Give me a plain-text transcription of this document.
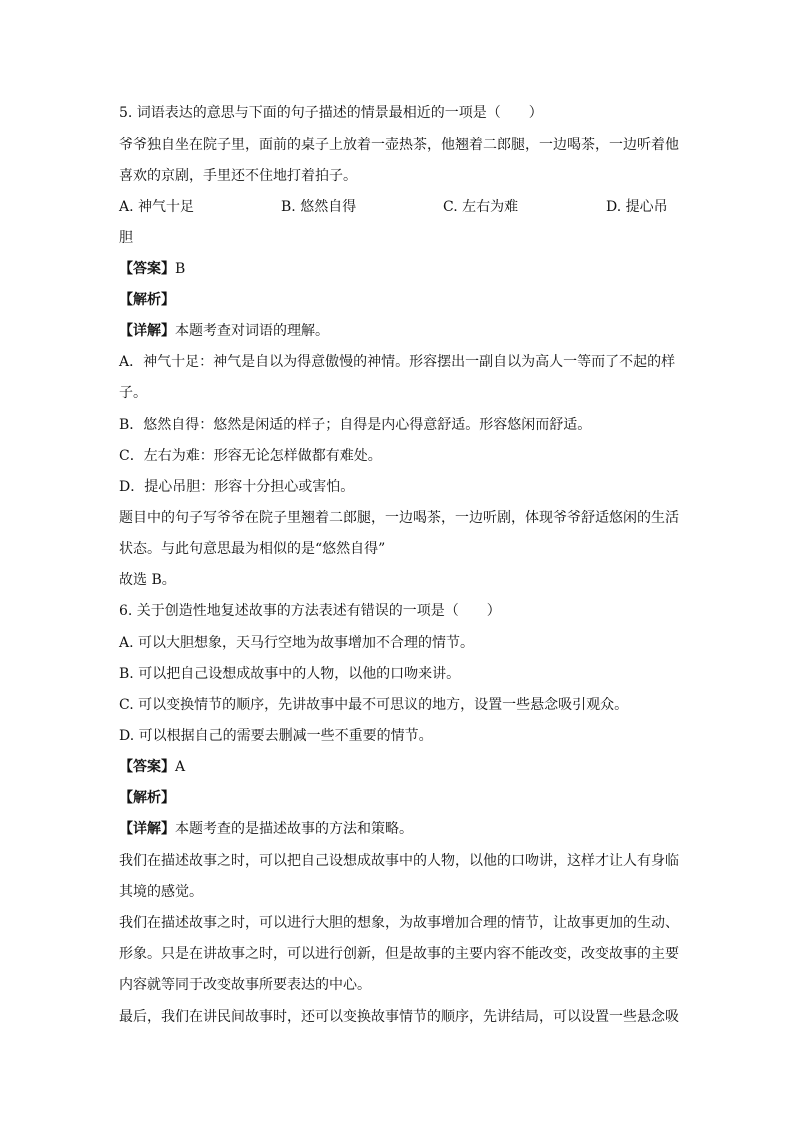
5. 词语表达的意思与下面的句子描述的情景最相近的一项是（　　）
爷爷独自坐在院子里，面前的桌子上放着一壶热茶，他翘着二郎腿，一边喝茶，一边听着他
喜欢的京剧，手里还不住地打着拍子。
A. 神气十足	B. 悠然自得	C. 左右为难	D. 提心吊
胆
【答案】B
【解析】
【详解】本题考查对词语的理解。
A．神气十足：神气是自以为得意傲慢的神情。形容摆出一副自以为高人一等而了不起的样
子。
B．悠然自得：悠然是闲适的样子；自得是内心得意舒适。形容悠闲而舒适。
C．左右为难：形容无论怎样做都有难处。
D．提心吊胆：形容十分担心或害怕。
题目中的句子写爷爷在院子里翘着二郎腿，一边喝茶，一边听剧，体现爷爷舒适悠闲的生活
状态。与此句意思最为相似的是“悠然自得”
故选 B。
6. 关于创造性地复述故事的方法表述有错误的一项是（　　）
A. 可以大胆想象，天马行空地为故事增加不合理的情节。
B. 可以把自己设想成故事中的人物，以他的口吻来讲。
C. 可以变换情节的顺序，先讲故事中最不可思议的地方，设置一些悬念吸引观众。
D. 可以根据自己的需要去删减一些不重要的情节。
【答案】A
【解析】
【详解】本题考查的是描述故事的方法和策略。
我们在描述故事之时，可以把自己设想成故事中的人物，以他的口吻讲，这样才让人有身临
其境的感觉。
我们在描述故事之时，可以进行大胆的想象，为故事增加合理的情节，让故事更加的生动、
形象。只是在讲故事之时，可以进行创新，但是故事的主要内容不能改变，改变故事的主要
内容就等同于改变故事所要表达的中心。
最后，我们在讲民间故事时，还可以变换故事情节的顺序，先讲结局，可以设置一些悬念吸
